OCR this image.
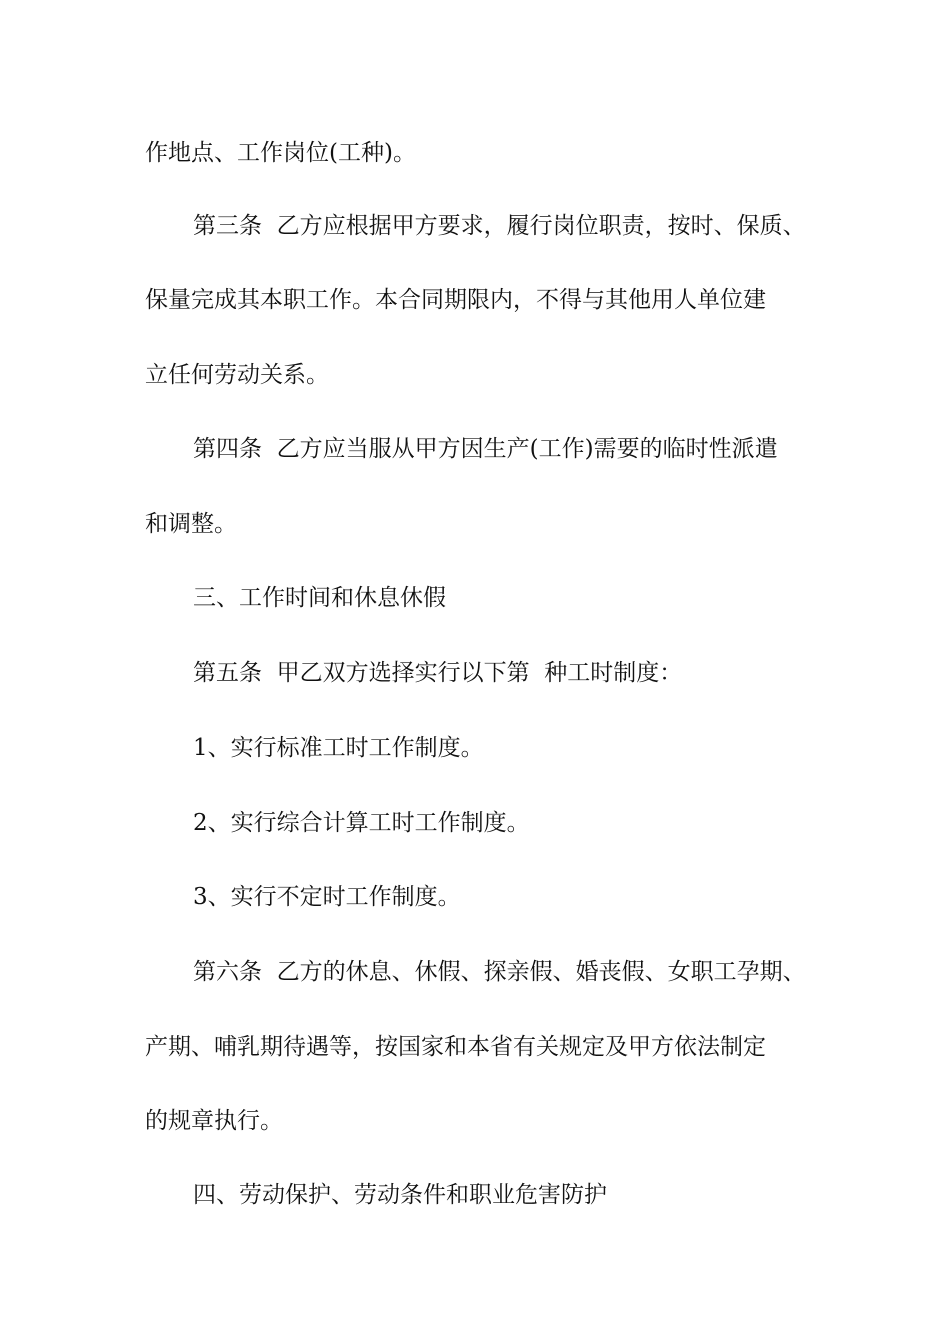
作地点、工作岗位(工种)。

第三条  乙方应根据甲方要求，履行岗位职责，按时、保质、

保量完成其本职工作。本合同期限内，不得与其他用人单位建

立任何劳动关系。

第四条  乙方应当服从甲方因生产(工作)需要的临时性派遣

和调整。

三、工作时间和休息休假

第五条  甲乙双方选择实行以下第  种工时制度：

1、实行标准工时工作制度。

2、实行综合计算工时工作制度。

3、实行不定时工作制度。

第六条  乙方的休息、休假、探亲假、婚丧假、女职工孕期、

产期、哺乳期待遇等，按国家和本省有关规定及甲方依法制定

的规章执行。

四、劳动保护、劳动条件和职业危害防护
